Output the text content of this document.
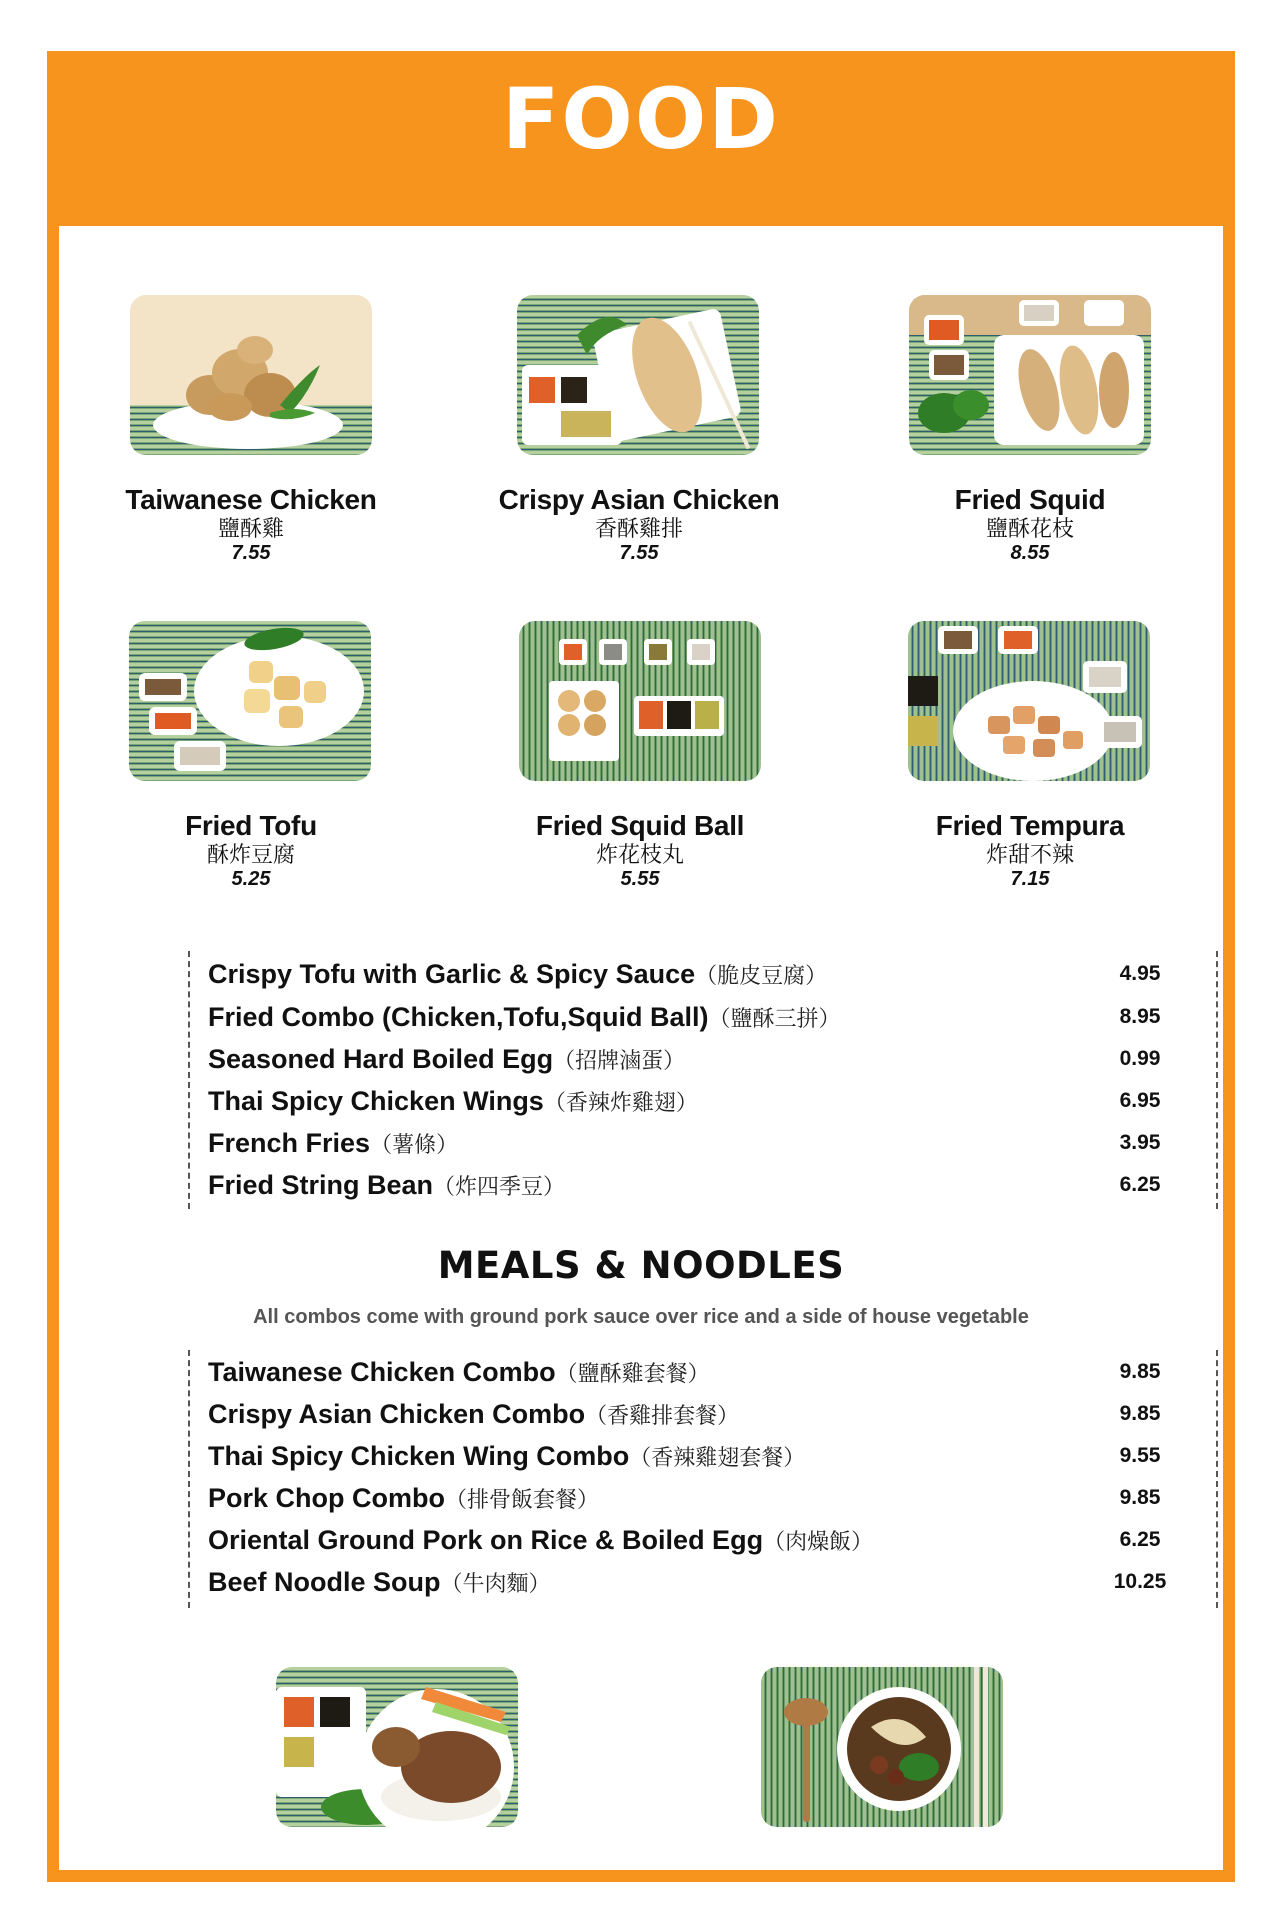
FOOD
Taiwanese Chicken
鹽酥雞
7.55
Crispy Asian Chicken
香酥雞排
7.55
Fried Squid
鹽酥花枝
8.55
Fried Tofu
酥炸豆腐
5.25
Fried Squid Ball
炸花枝丸
5.55
Fried Tempura
炸甜不辣
7.15
Crispy Tofu with Garlic & Spicy Sauce（脆皮豆腐）	4.95
Fried Combo (Chicken,Tofu,Squid Ball)（鹽酥三拼）	8.95
Seasoned Hard Boiled Egg（招牌滷蛋）	0.99
Thai Spicy Chicken Wings（香辣炸雞翅）	6.95
French Fries（薯條）	3.95
Fried String Bean（炸四季豆）	6.25
MEALS & NOODLES
All combos come with ground pork sauce over rice and a side of house vegetable
Taiwanese Chicken Combo（鹽酥雞套餐）	9.85
Crispy Asian Chicken Combo（香雞排套餐）	9.85
Thai Spicy Chicken Wing Combo（香辣雞翅套餐）	9.55
Pork Chop Combo（排骨飯套餐）	9.85
Oriental Ground Pork on Rice & Boiled Egg（肉燥飯）	6.25
Beef Noodle Soup（牛肉麵）	10.25
